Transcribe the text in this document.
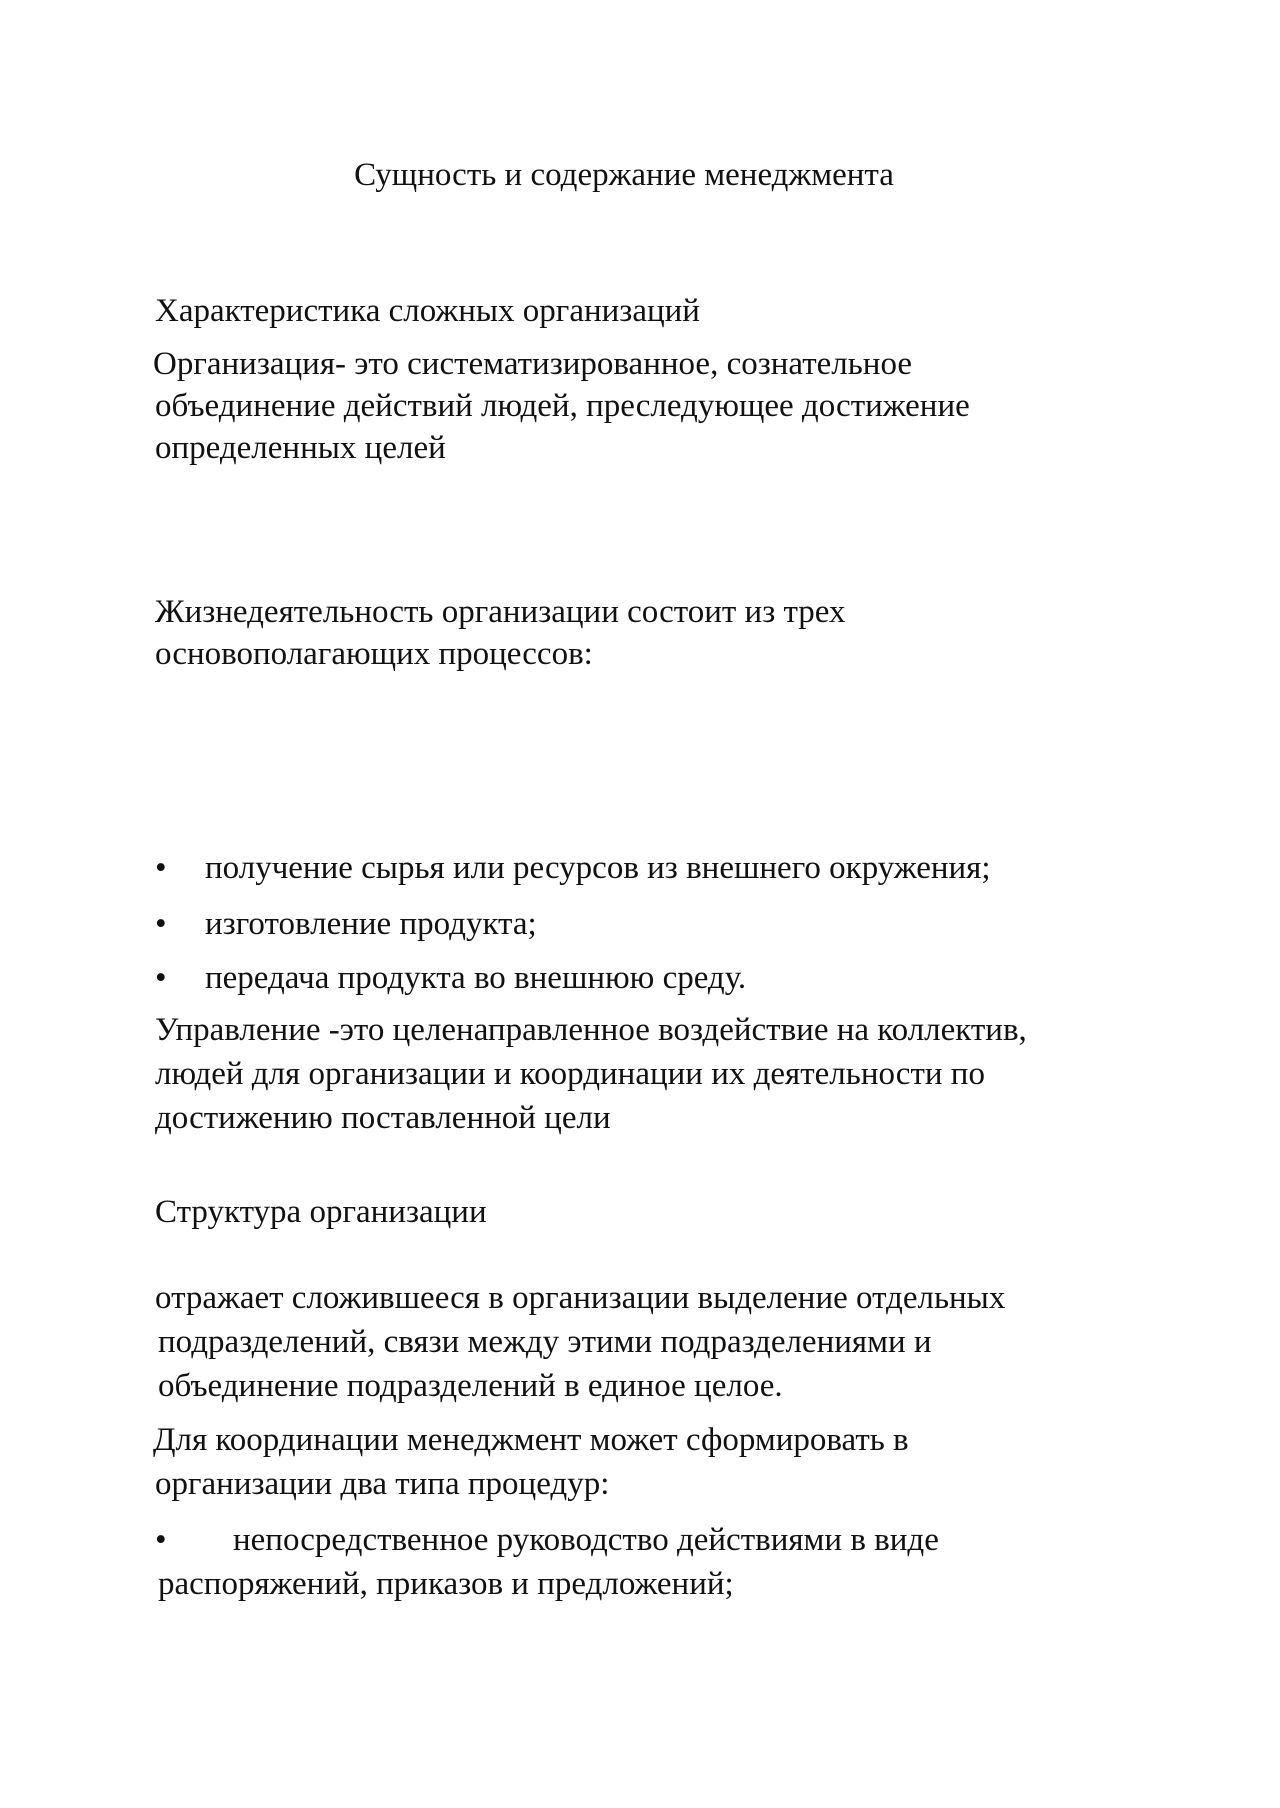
Сущность и содержание менеджмента
Характеристика сложных организаций
Организация- это систематизированное, сознательное
объединение действий людей, преследующее достижение
определенных целей
Жизнедеятельность организации состоит из трех
основополагающих процессов:
• получение сырья или ресурсов из внешнего окружения;
• изготовление продукта;
• передача продукта во внешнюю среду.
Управление -это целенаправленное воздействие на коллектив,
людей для организации и координации их деятельности по
достижению поставленной цели
Структура организации
отражает сложившееся в организации выделение отдельных
подразделений, связи между этими подразделениями и
объединение подразделений в единое целое.
Для координации менеджмент может сформировать в
организации два типа процедур:
• непосредственное руководство действиями в виде
распоряжений, приказов и предложений;
